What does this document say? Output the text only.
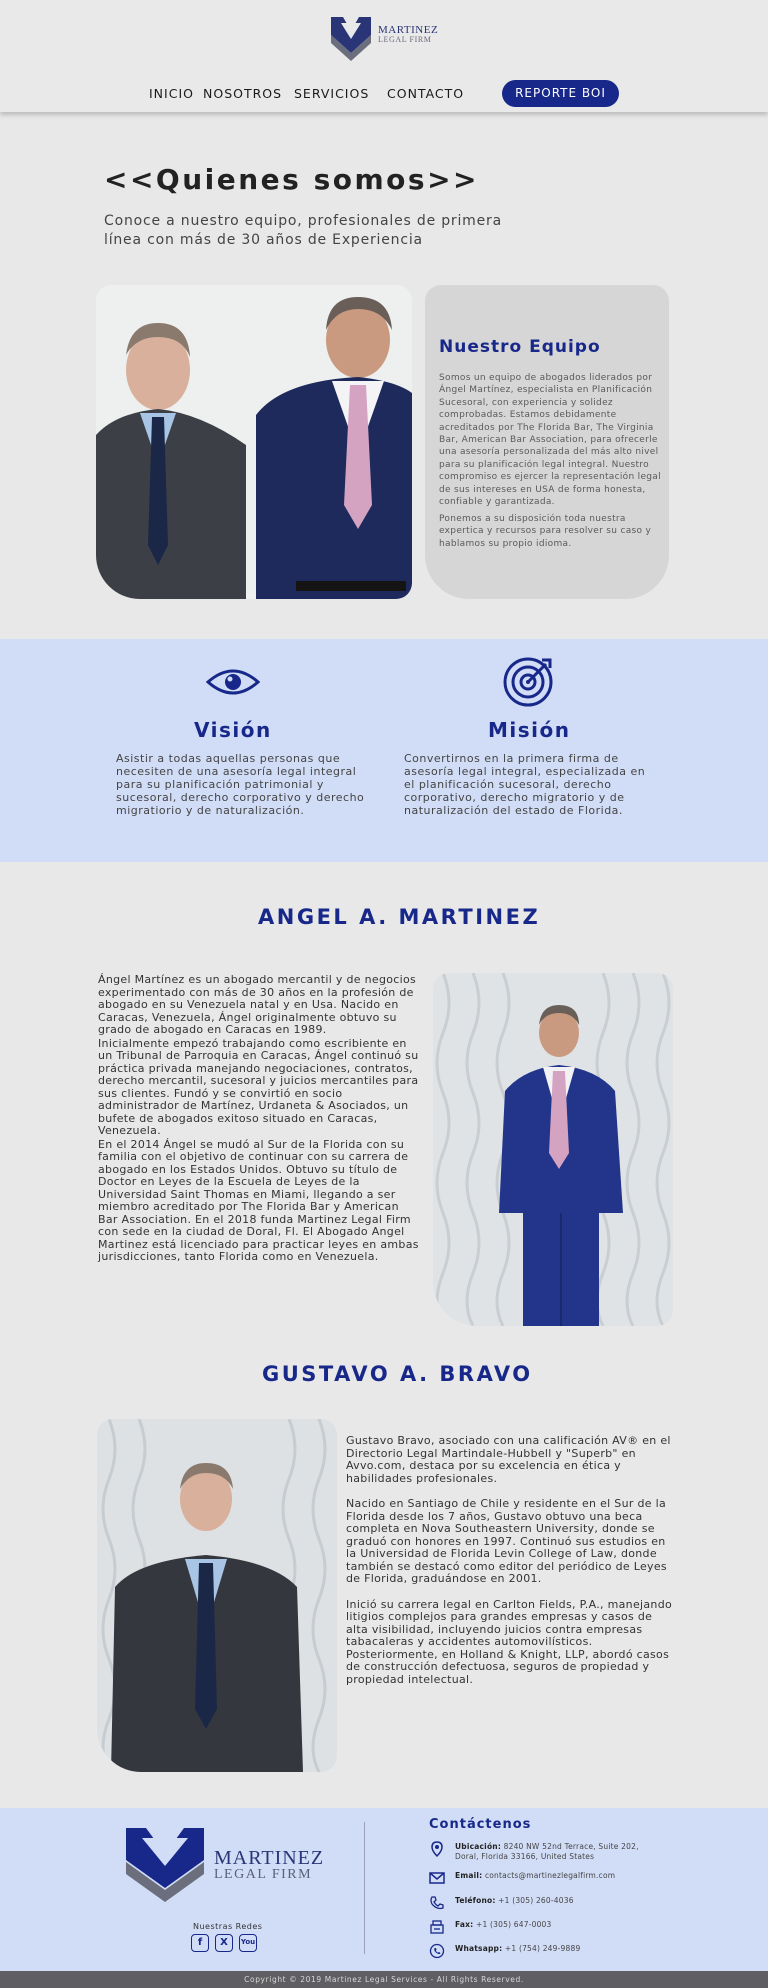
MARTINEZ
LEGAL FIRM
INICIO NOSOTROS SERVICIOS CONTACTO	REPORTE BOI
<<Quienes somos>>

Conoce a nuestro equipo, profesionales de primera línea con más de 30 años de Experiencia

Nuestro Equipo

Somos un equipo de abogados liderados por Ángel Martínez, especialista en Planificación Sucesoral, con experiencia y solidez comprobadas. Estamos debidamente acreditados por The Florida Bar, The Virginia Bar, American Bar Association, para ofrecerle una asesoría personalizada del más alto nivel para su planificación legal integral. Nuestro compromiso es ejercer la representación legal de sus intereses en USA de forma honesta, confiable y garantizada.

Ponemos a su disposición toda nuestra expertica y recursos para resolver su caso y hablamos su propio idioma.

Visión

Asistir a todas aquellas personas que necesiten de una asesoría legal integral para su planificación patrimonial y sucesoral, derecho corporativo y derecho migratiorio y de naturalización.

Misión

Convertirnos en la primera firma de asesoría legal integral, especializada en el planificación sucesoral, derecho corporativo, derecho migratorio y de naturalización del estado de Florida.

ANGEL A. MARTINEZ

Ángel Martínez es un abogado mercantil y de negocios experimentado con más de 30 años en la profesión de abogado en su Venezuela natal y en Usa. Nacido en Caracas, Venezuela, Ángel originalmente obtuvo su grado de abogado en Caracas en 1989.

Inicialmente empezó trabajando como escribiente en un Tribunal de Parroquia en Caracas, Ángel continuó su práctica privada manejando negociaciones, contratos, derecho mercantil, sucesoral y juicios mercantiles para sus clientes. Fundó y se convirtió en socio administrador de Martínez, Urdaneta & Asociados, un bufete de abogados exitoso situado en Caracas, Venezuela.

En el 2014 Ángel se mudó al Sur de la Florida con su familia con el objetivo de continuar con su carrera de abogado en los Estados Unidos. Obtuvo su título de Doctor en Leyes de la Escuela de Leyes de la Universidad Saint Thomas en Miami, llegando a ser miembro acreditado por The Florida Bar y American Bar Association. En el 2018 funda Martinez Legal Firm con sede en la ciudad de Doral, Fl. El Abogado Angel Martinez está licenciado para practicar leyes en ambas jurisdicciones, tanto Florida como en Venezuela.

GUSTAVO A. BRAVO

Gustavo Bravo, asociado con una calificación AV® en el Directorio Legal Martindale-Hubbell y "Superb" en Avvo.com, destaca por su excelencia en ética y habilidades profesionales.

Nacido en Santiago de Chile y residente en el Sur de la Florida desde los 7 años, Gustavo obtuvo una beca completa en Nova Southeastern University, donde se graduó con honores en 1997. Continuó sus estudios en la Universidad de Florida Levin College of Law, donde también se destacó como editor del periódico de Leyes de Florida, graduándose en 2001.

Inició su carrera legal en Carlton Fields, P.A., manejando litigios complejos para grandes empresas y casos de alta visibilidad, incluyendo juicios contra empresas tabacaleras y accidentes automovilísticos. Posteriormente, en Holland & Knight, LLP, abordó casos de construcción defectuosa, seguros de propiedad y propiedad intelectual.

MARTINEZ
LEGAL FIRM
Nuestras Redes
f	X	You
Contáctenos
Ubicación: 8240 NW 52nd Terrace, Suite 202, Doral, Florida 33166, United States
Email: contacts@martinezlegalfirm.com
Teléfono: +1 (305) 260-4036
Fax: +1 (305) 647-0003
Whatsapp: +1 (754) 249-9889
Copyright © 2019 Martinez Legal Services - All Rights Reserved.
